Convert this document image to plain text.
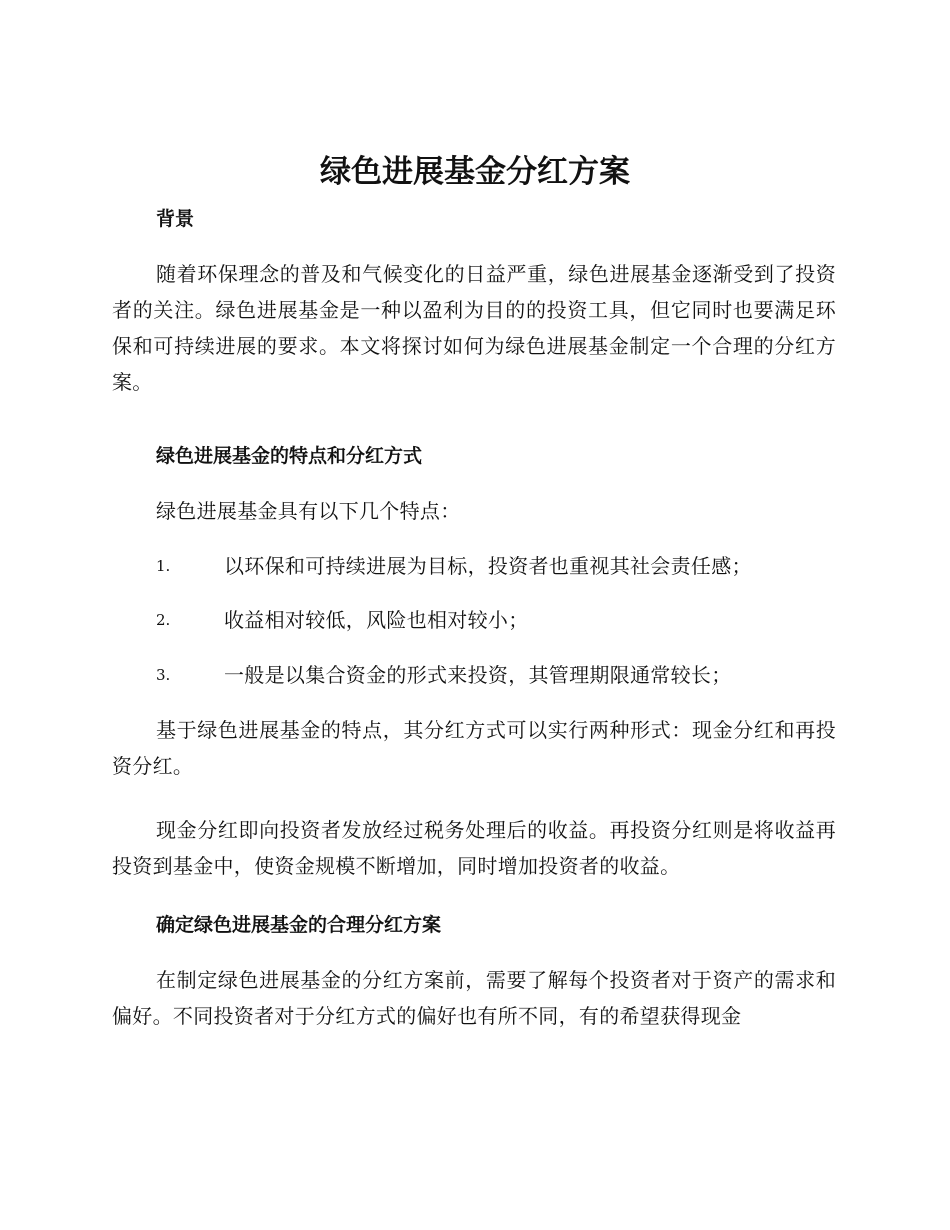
绿色进展基金分红方案
背景

随着环保理念的普及和气候变化的日益严重，绿色进展基金逐渐受到了投资者的关注。绿色进展基金是一种以盈利为目的的投资工具，但它同时也要满足环保和可持续进展的要求。本文将探讨如何为绿色进展基金制定一个合理的分红方案。

绿色进展基金的特点和分红方式

绿色进展基金具有以下几个特点：

1.	以环保和可持续进展为目标，投资者也重视其社会责任感；
2.	收益相对较低，风险也相对较小；
3.	一般是以集合资金的形式来投资，其管理期限通常较长；

基于绿色进展基金的特点，其分红方式可以实行两种形式：现金分红和再投资分红。

现金分红即向投资者发放经过税务处理后的收益。再投资分红则是将收益再投资到基金中，使资金规模不断增加，同时增加投资者的收益。

确定绿色进展基金的合理分红方案

在制定绿色进展基金的分红方案前，需要了解每个投资者对于资产的需求和偏好。不同投资者对于分红方式的偏好也有所不同，有的希望获得现金
